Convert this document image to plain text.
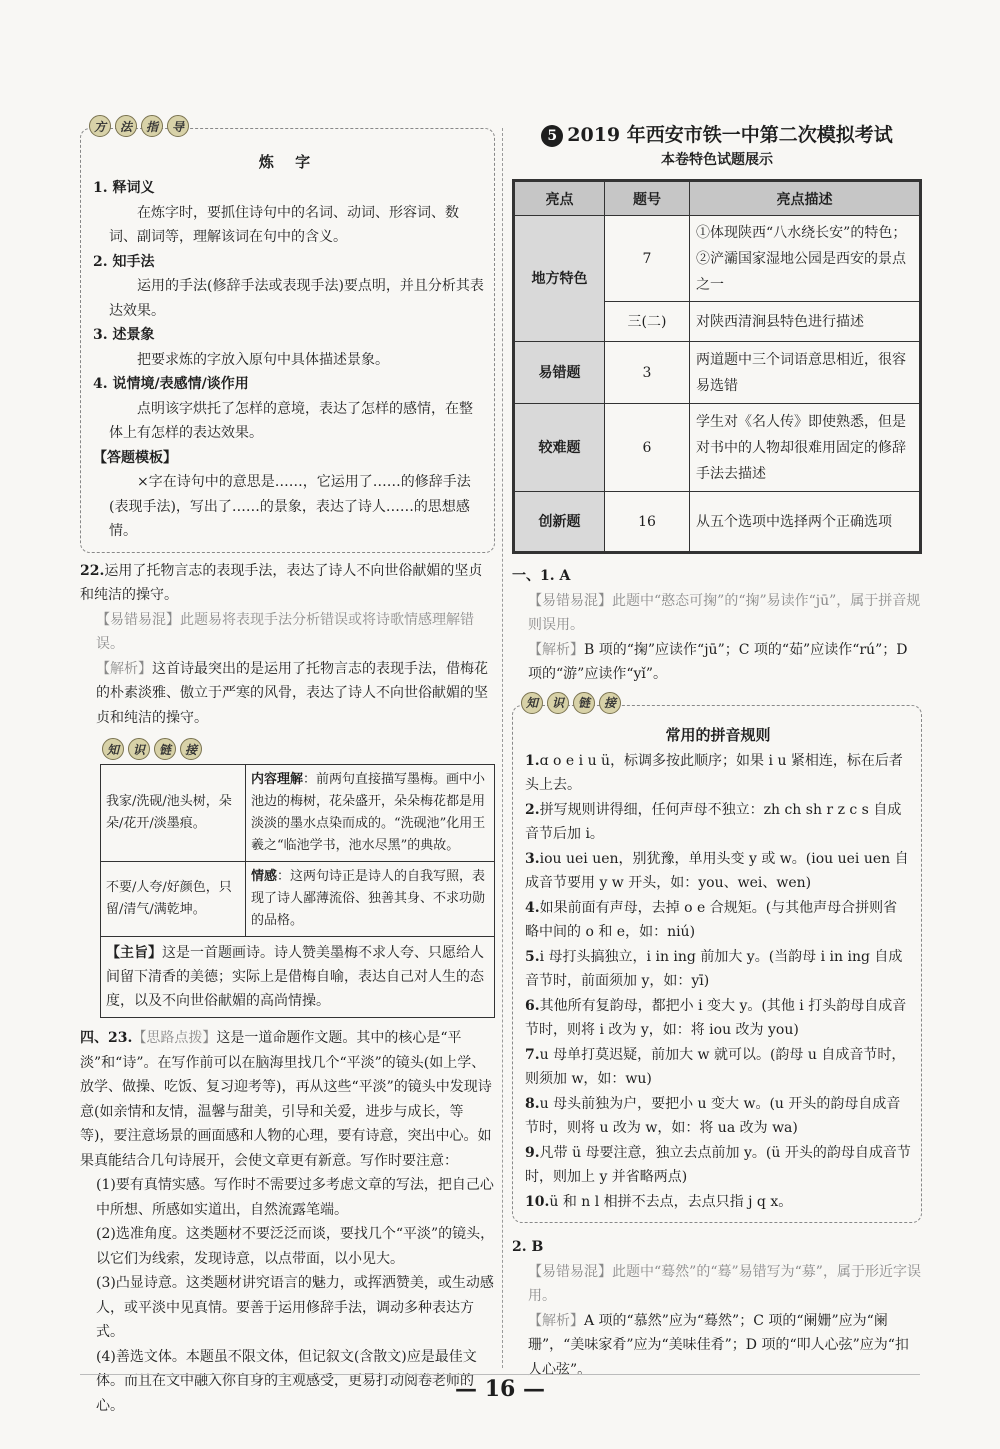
方	法	指	导
炼 字

1. 释词义

在炼字时，要抓住诗句中的名词、动词、形容词、数词、副词等，理解该词在句中的含义。

2. 知手法

运用的手法(修辞手法或表现手法)要点明，并且分析其表达效果。

3. 述景象

把要求炼的字放入原句中具体描述景象。

4. 说情境/表感情/谈作用

点明该字烘托了怎样的意境，表达了怎样的感情，在整体上有怎样的表达效果。

【答题模板】

×字在诗句中的意思是……，它运用了……的修辞手法(表现手法)，写出了……的景象，表达了诗人……的思想感情。

22.运用了托物言志的表现手法，表达了诗人不向世俗献媚的坚贞和纯洁的操守。

【易错易混】此题易将表现手法分析错误或将诗歌情感理解错误。

【解析】这首诗最突出的是运用了托物言志的表现手法，借梅花的朴素淡雅、傲立于严寒的风骨，表达了诗人不向世俗献媚的坚贞和纯洁的操守。

知	识	链	接
我家/洗砚/池头树，朵朵/花开/淡墨痕。	内容理解：前两句直接描写墨梅。画中小池边的梅树，花朵盛开，朵朵梅花都是用淡淡的墨水点染而成的。“洗砚池”化用王羲之“临池学书，池水尽黑”的典故。
不要/人夸/好颜色，只留/清气/满乾坤。	情感：这两句诗正是诗人的自我写照，表现了诗人鄙薄流俗、独善其身、不求功勋的品格。
【主旨】这是一首题画诗。诗人赞美墨梅不求人夸、只愿给人间留下清香的美德；实际上是借梅自喻，表达自己对人生的态度，以及不向世俗献媚的高尚情操。	

四、23.【思路点拨】这是一道命题作文题。其中的核心是“平淡”和“诗”。在写作前可以在脑海里找几个“平淡”的镜头(如上学、放学、做操、吃饭、复习迎考等)，再从这些“平淡”的镜头中发现诗意(如亲情和友情，温馨与甜美，引导和关爱，进步与成长，等等)，要注意场景的画面感和人物的心理，要有诗意，突出中心。如果真能结合几句诗展开，会使文章更有新意。写作时要注意：

(1)要有真情实感。写作时不需要过多考虑文章的写法，把自己心中所想、所感如实道出，自然流露笔端。

(2)选准角度。这类题材不要泛泛而谈，要找几个“平淡”的镜头，以它们为线索，发现诗意，以点带面，以小见大。

(3)凸显诗意。这类题材讲究语言的魅力，或挥洒赞美，或生动感人，或平淡中见真情。要善于运用修辞手法，调动多种表达方式。

(4)善选文体。本题虽不限文体，但记叙文(含散文)应是最佳文体。而且在文中融入你自身的主观感受，更易打动阅卷老师的心。

5 2019 年西安市铁一中第二次模拟考试
本卷特色试题展示
亮点	题号	亮点描述
地方特色	7	①体现陕西“八水绕长安”的特色；②浐灞国家湿地公园是西安的景点之一
	三(二)	对陕西清涧县特色进行描述
易错题	3	两道题中三个词语意思相近，很容易选错
较难题	6	学生对《名人传》即使熟悉，但是对书中的人物却很难用固定的修辞手法去描述
创新题	16	从五个选项中选择两个正确选项

一、1. A

【易错易混】此题中“憨态可掬”的“掬”易读作“jū”，属于拼音规则误用。

【解析】B 项的“掬”应读作“jū”；C 项的“茹”应读作“rú”；D 项的“游”应读作“yǐ”。

知	识	链	接
常用的拼音规则

1.ɑ o e i u ü，标调多按此顺序；如果 i u 紧相连，标在后者头上去。

2.拼写规则讲得细，任何声母不独立：zh ch sh r z c s 自成音节后加 i。

3.iou uei uen，别犹豫，单用头变 y 或 w。(iou uei uen 自成音节要用 y w 开头，如：you、wei、wen)

4.如果前面有声母，去掉 o e 合规矩。(与其他声母合拼则省略中间的 o 和 e，如：niú)

5.i 母打头搞独立，i in ing 前加大 y。(当韵母 i in ing 自成音节时，前面须加 y，如：yī)

6.其他所有复韵母，都把小 i 变大 y。(其他 i 打头韵母自成音节时，则将 i 改为 y，如：将 iou 改为 you)

7.u 母单打莫迟疑，前加大 w 就可以。(韵母 u 自成音节时，则须加 w，如：wu)

8.u 母头前独为户，要把小 u 变大 w。(u 开头的韵母自成音节时，则将 u 改为 w，如：将 ua 改为 wa)

9.凡带 ü 母要注意，独立去点前加 y。(ü 开头的韵母自成音节时，则加上 y 并省略两点)

10.ü 和 n l 相拼不去点，去点只指 j q x。

2. B

【易错易混】此题中“蓦然”的“蓦”易错写为“募”，属于形近字误用。

【解析】A 项的“慕然”应为“蓦然”；C 项的“阑姗”应为“阑珊”，“美味家肴”应为“美味佳肴”；D 项的“叩人心弦”应为“扣人心弦”。

— 16 —
